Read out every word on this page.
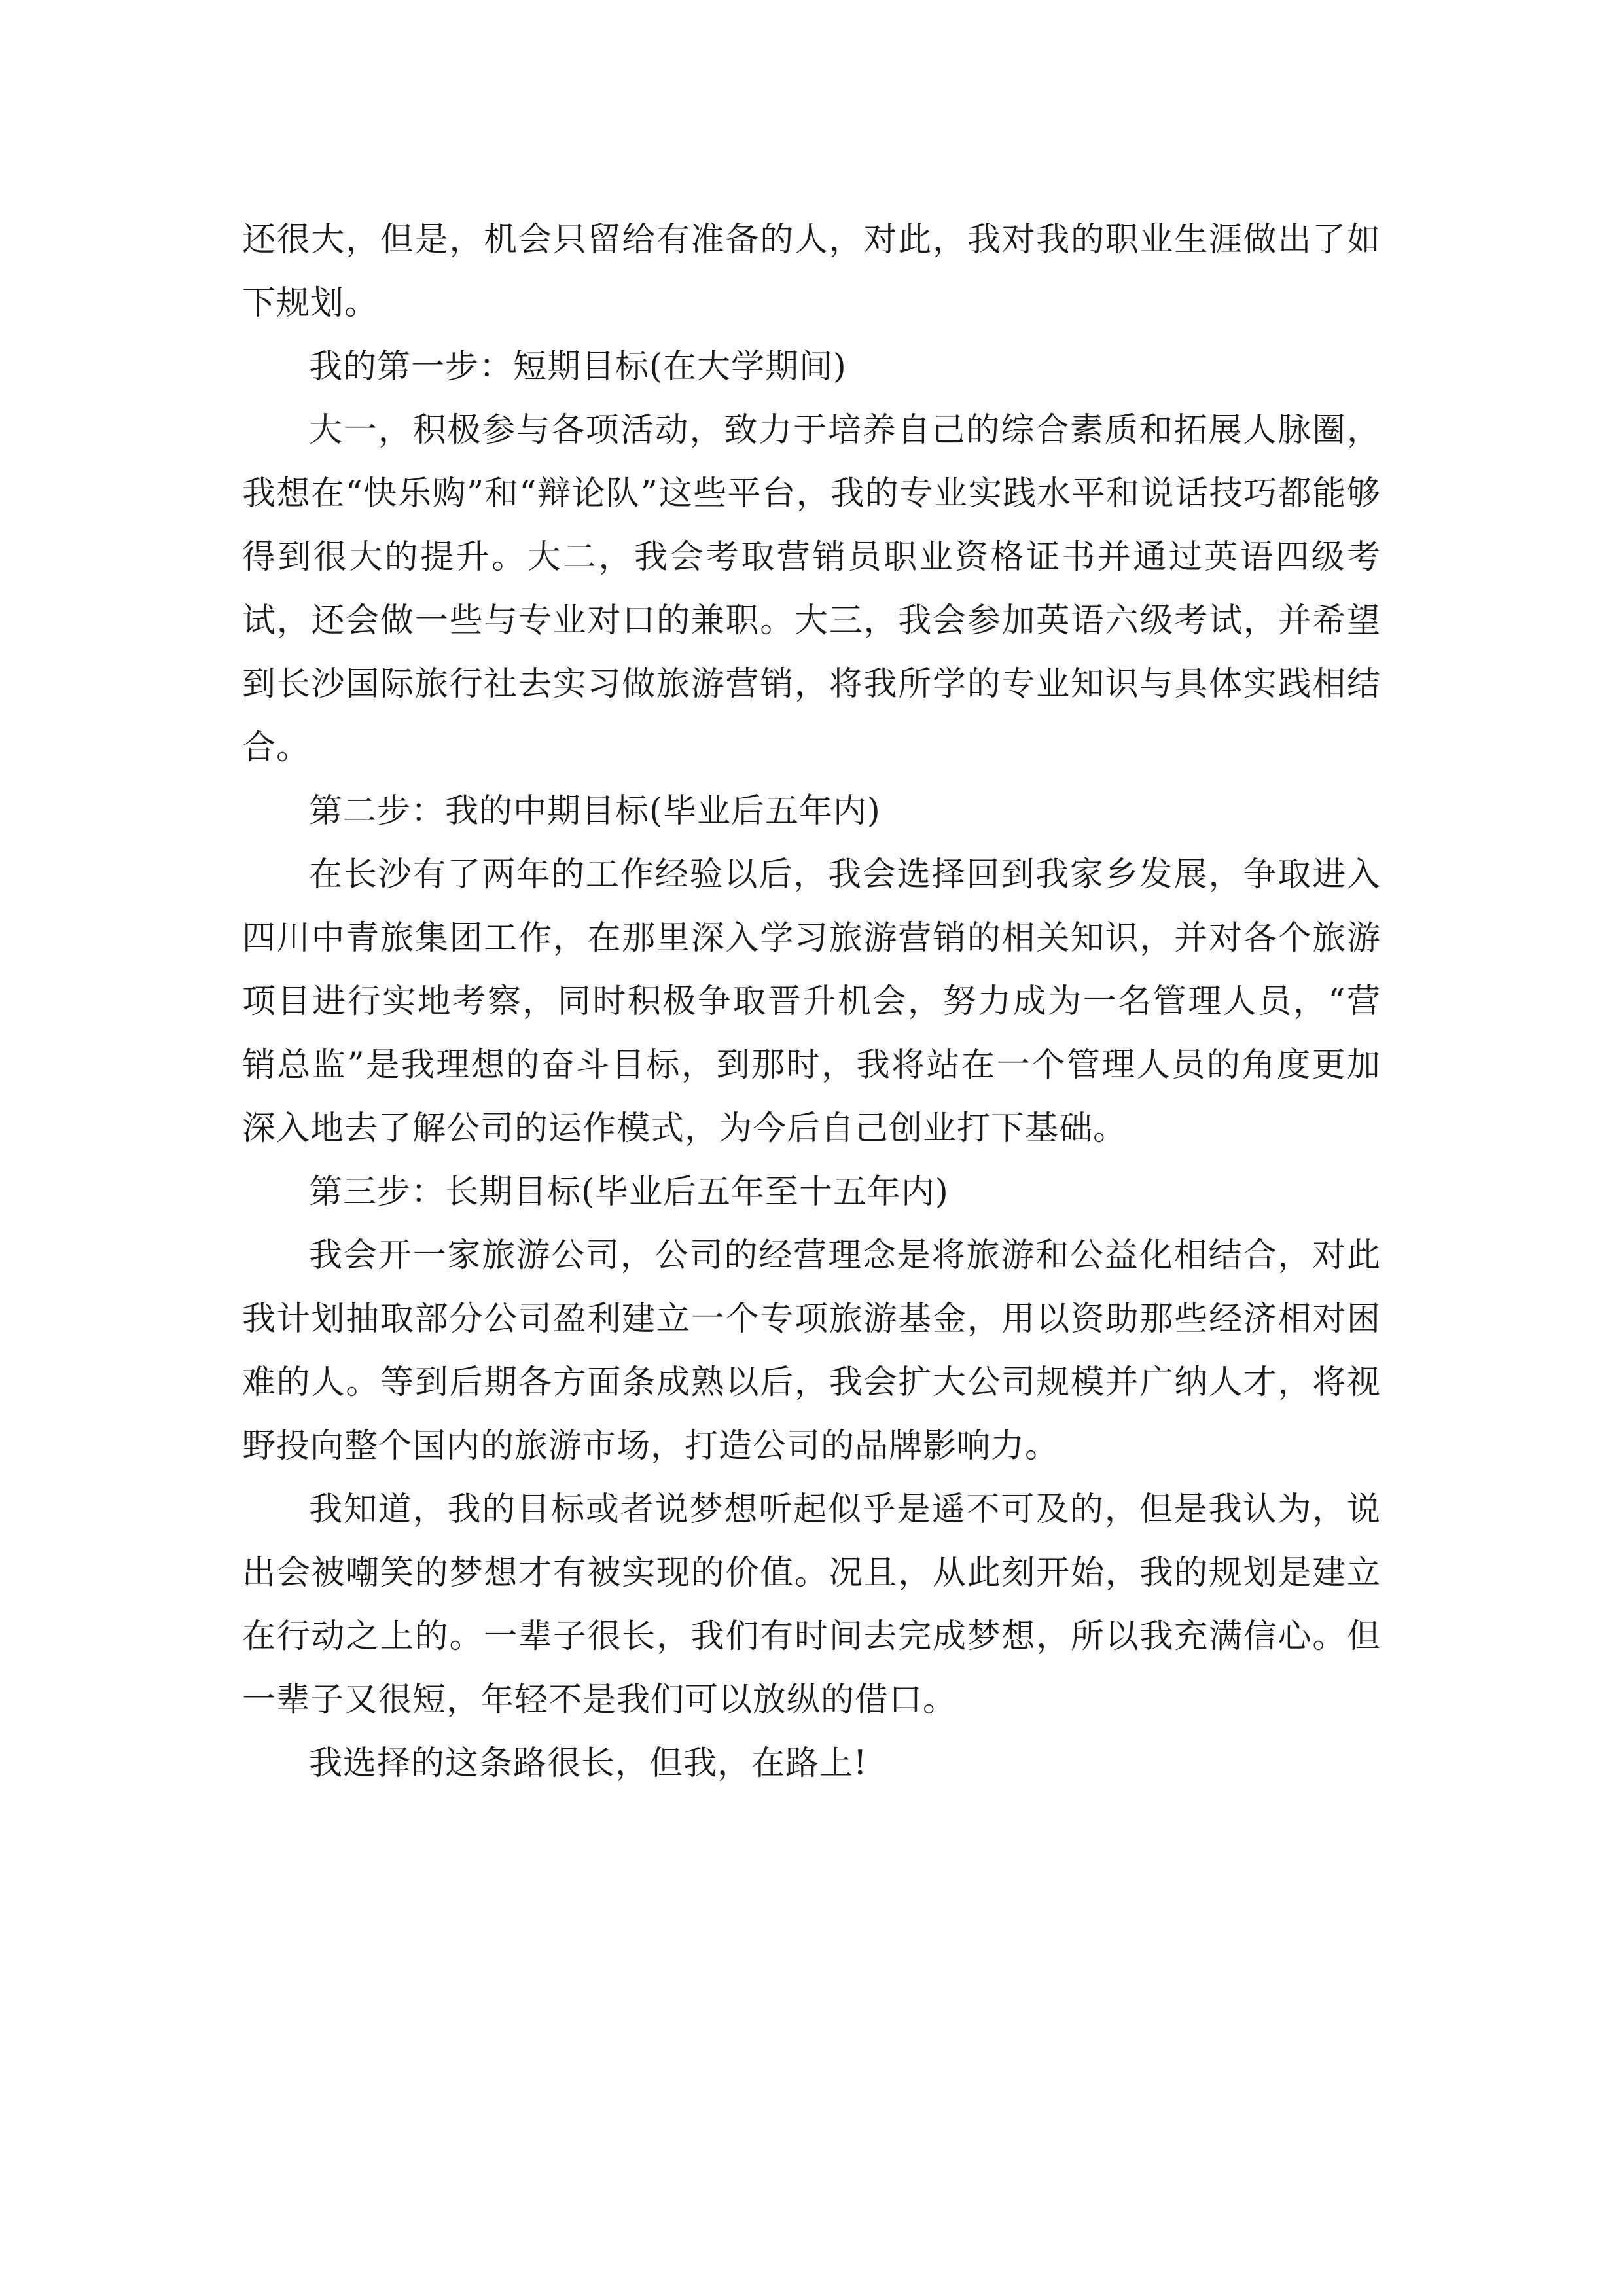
还很大，但是，机会只留给有准备的人，对此，我对我的职业生涯做出了如下规划。

我的第一步：短期目标(在大学期间)

大一，积极参与各项活动，致力于培养自己的综合素质和拓展人脉圈，我想在“快乐购”和“辩论队”这些平台，我的专业实践水平和说话技巧都能够得到很大的提升。大二，我会考取营销员职业资格证书并通过英语四级考试，还会做一些与专业对口的兼职。大三，我会参加英语六级考试，并希望到长沙国际旅行社去实习做旅游营销，将我所学的专业知识与具体实践相结合。

第二步：我的中期目标(毕业后五年内)

在长沙有了两年的工作经验以后，我会选择回到我家乡发展，争取进入四川中青旅集团工作，在那里深入学习旅游营销的相关知识，并对各个旅游项目进行实地考察，同时积极争取晋升机会，努力成为一名管理人员，“营销总监”是我理想的奋斗目标，到那时，我将站在一个管理人员的角度更加深入地去了解公司的运作模式，为今后自己创业打下基础。

第三步：长期目标(毕业后五年至十五年内)

我会开一家旅游公司，公司的经营理念是将旅游和公益化相结合，对此我计划抽取部分公司盈利建立一个专项旅游基金，用以资助那些经济相对困难的人。等到后期各方面条成熟以后，我会扩大公司规模并广纳人才，将视野投向整个国内的旅游市场，打造公司的品牌影响力。

我知道，我的目标或者说梦想听起似乎是遥不可及的，但是我认为，说出会被嘲笑的梦想才有被实现的价值。况且，从此刻开始，我的规划是建立在行动之上的。一辈子很长，我们有时间去完成梦想，所以我充满信心。但一辈子又很短，年轻不是我们可以放纵的借口。

我选择的这条路很长，但我，在路上!
